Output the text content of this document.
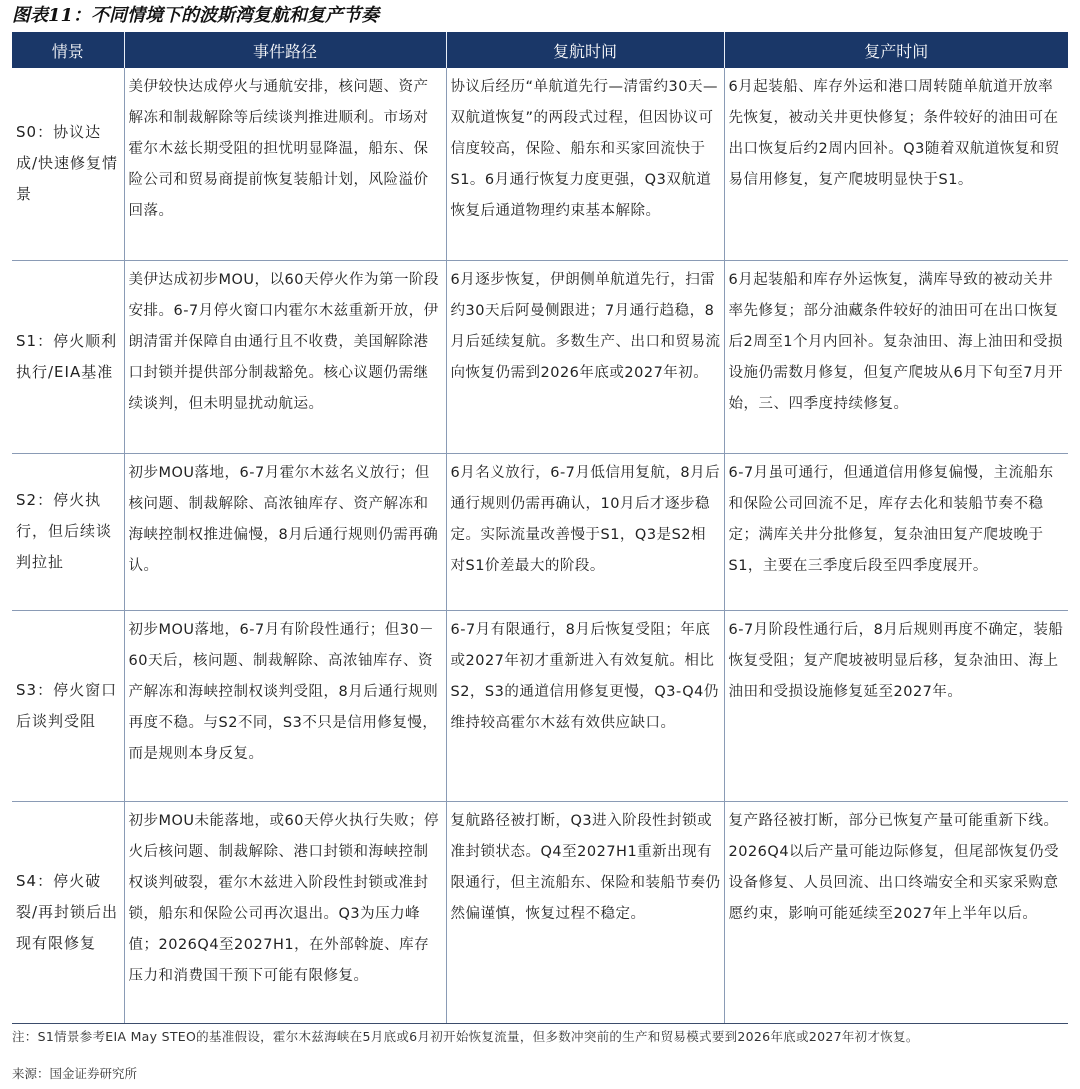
图表11：不同情境下的波斯湾复航和复产节奏
情景	事件路径	复航时间	复产时间
S0：协议达成/快速修复情景	美伊较快达成停火与通航安排，核问题、资产解冻和制裁解除等后续谈判推进顺利。市场对霍尔木兹长期受阻的担忧明显降温，船东、保险公司和贸易商提前恢复装船计划，风险溢价回落。	协议后经历“单航道先行—清雷约30天—双航道恢复”的两段式过程，但因协议可信度较高，保险、船东和买家回流快于S1。6月通行恢复力度更强，Q3双航道恢复后通道物理约束基本解除。	6月起装船、库存外运和港口周转随单航道开放率先恢复，被动关井更快修复；条件较好的油田可在出口恢复后约2周内回补。Q3随着双航道恢复和贸易信用修复，复产爬坡明显快于S1。
S1：停火顺利执行/EIA基准	美伊达成初步MOU，以60天停火作为第一阶段安排。6-7月停火窗口内霍尔木兹重新开放，伊朗清雷并保障自由通行且不收费，美国解除港口封锁并提供部分制裁豁免。核心议题仍需继续谈判，但未明显扰动航运。	6月逐步恢复，伊朗侧单航道先行，扫雷约30天后阿曼侧跟进；7月通行趋稳，8月后延续复航。多数生产、出口和贸易流向恢复仍需到2026年底或2027年初。	6月起装船和库存外运恢复，满库导致的被动关井率先修复；部分油藏条件较好的油田可在出口恢复后2周至1个月内回补。复杂油田、海上油田和受损设施仍需数月修复，但复产爬坡从6月下旬至7月开始，三、四季度持续修复。
S2：停火执行，但后续谈判拉扯	初步MOU落地，6-7月霍尔木兹名义放行；但核问题、制裁解除、高浓铀库存、资产解冻和海峡控制权推进偏慢，8月后通行规则仍需再确认。	6月名义放行，6-7月低信用复航，8月后通行规则仍需再确认，10月后才逐步稳定。实际流量改善慢于S1，Q3是S2相对S1价差最大的阶段。	6-7月虽可通行，但通道信用修复偏慢，主流船东和保险公司回流不足，库存去化和装船节奏不稳定；满库关井分批修复，复杂油田复产爬坡晚于S1，主要在三季度后段至四季度展开。
S3：停火窗口后谈判受阻	初步MOU落地，6-7月有阶段性通行；但30－60天后，核问题、制裁解除、高浓铀库存、资产解冻和海峡控制权谈判受阻，8月后通行规则再度不稳。与S2不同，S3不只是信用修复慢，而是规则本身反复。	6-7月有限通行，8月后恢复受阻；年底或2027年初才重新进入有效复航。相比S2，S3的通道信用修复更慢，Q3-Q4仍维持较高霍尔木兹有效供应缺口。	6-7月阶段性通行后，8月后规则再度不确定，装船恢复受阻；复产爬坡被明显后移，复杂油田、海上油田和受损设施修复延至2027年。
S4：停火破裂/再封锁后出现有限修复	初步MOU未能落地，或60天停火执行失败；停火后核问题、制裁解除、港口封锁和海峡控制权谈判破裂，霍尔木兹进入阶段性封锁或准封锁，船东和保险公司再次退出。Q3为压力峰值；2026Q4至2027H1，在外部斡旋、库存压力和消费国干预下可能有限修复。	复航路径被打断，Q3进入阶段性封锁或准封锁状态。Q4至2027H1重新出现有限通行，但主流船东、保险和装船节奏仍然偏谨慎，恢复过程不稳定。	复产路径被打断，部分已恢复产量可能重新下线。2026Q4以后产量可能边际修复，但尾部恢复仍受设备修复、人员回流、出口终端安全和买家采购意愿约束，影响可能延续至2027年上半年以后。
注：S1情景参考EIA May STEO的基准假设，霍尔木兹海峡在5月底或6月初开始恢复流量，但多数冲突前的生产和贸易模式要到2026年底或2027年初才恢复。
来源：国金证券研究所
